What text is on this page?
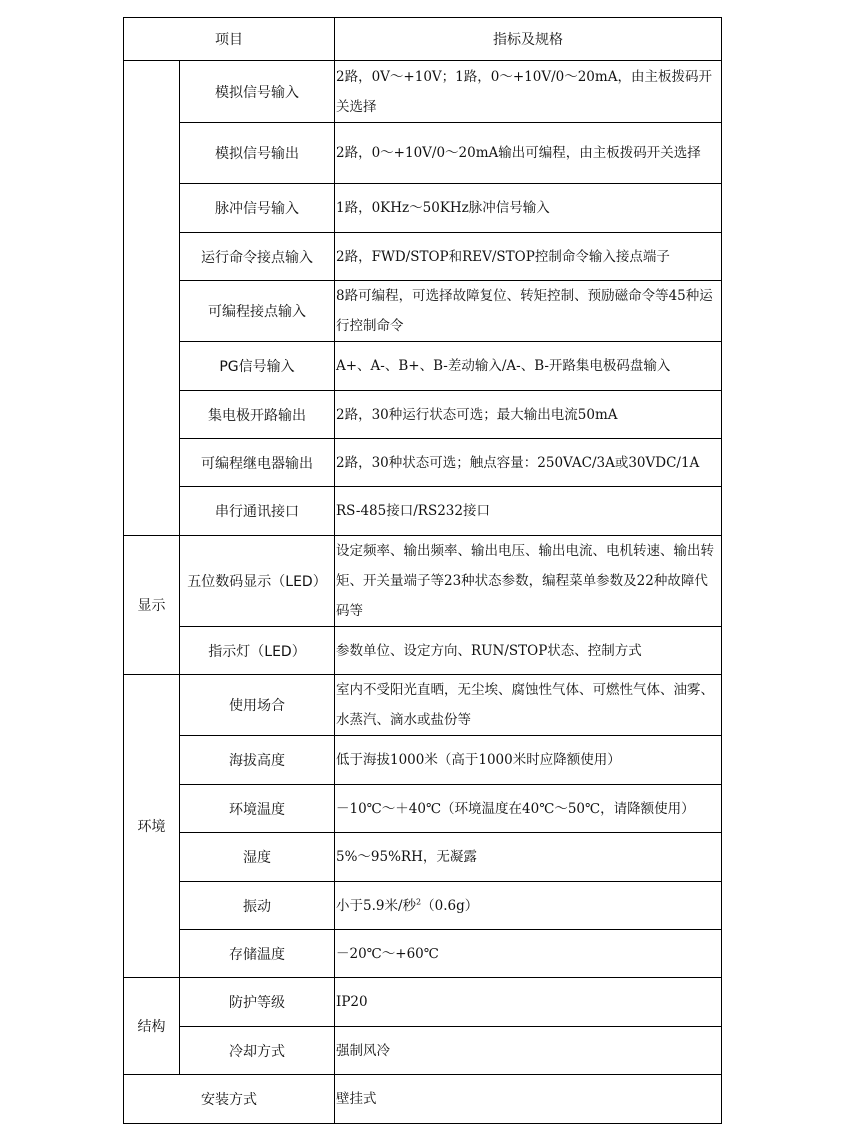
项目		指标及规格
	模拟信号输入	2路，0V～+10V；1路，0～+10V/0～20mA，由主板拨码开关选择
	模拟信号输出	2路，0～+10V/0～20mA输出可编程，由主板拨码开关选择
	脉冲信号输入	1路，0KHz～50KHz脉冲信号输入
	运行命令接点输入	2路，FWD/STOP和REV/STOP控制命令输入接点端子
	可编程接点输入	8路可编程，可选择故障复位、转矩控制、预励磁命令等45种运行控制命令
	PG信号输入	A+、A-、B+、B-差动输入/A-、B-开路集电极码盘输入
	集电极开路输出	2路，30种运行状态可选；最大输出电流50mA
	可编程继电器输出	2路，30种状态可选；触点容量：250VAC/3A或30VDC/1A
	串行通讯接口	RS-485接口/RS232接口
显示	五位数码显示（LED）	设定频率、输出频率、输出电压、输出电流、电机转速、输出转矩、开关量端子等23种状态参数，编程菜单参数及22种故障代码等
	指示灯（LED）	参数单位、设定方向、RUN/STOP状态、控制方式
环境	使用场合	室内不受阳光直晒，无尘埃、腐蚀性气体、可燃性气体、油雾、水蒸汽、滴水或盐份等
	海拔高度	低于海拔1000米（高于1000米时应降额使用）
	环境温度	－10℃～＋40℃（环境温度在40℃～50℃，请降额使用）
	湿度	5%～95%RH，无凝露
	振动	小于5.9米/秒$^2$（0.6g）
	存储温度	－20℃～+60℃
结构	防护等级	IP20
	冷却方式	强制风冷
安装方式		壁挂式
